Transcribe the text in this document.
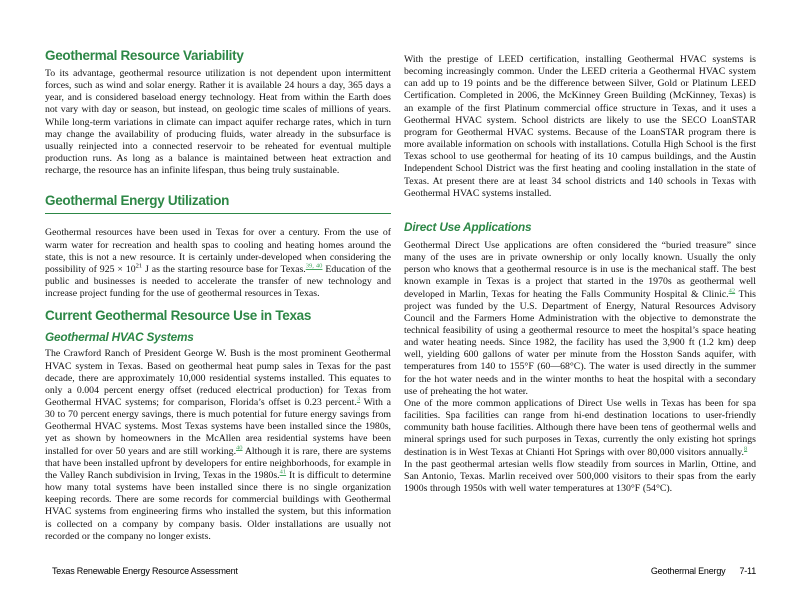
Geothermal Resource Variability

To its advantage, geothermal resource utilization is not dependent upon intermittent forces, such as wind and solar energy. Rather it is available 24 hours a day, 365 days a year, and is considered baseload energy technology. Heat from within the Earth does not vary with day or season, but instead, on geologic time scales of millions of years. While long-term variations in climate can impact aquifer recharge rates, which in turn may change the availability of producing fluids, water already in the subsurface is usually reinjected into a connected reservoir to be reheated for eventual multiple production runs. As long as a balance is maintained between heat extraction and recharge, the resource has an infinite lifespan, thus being truly sustainable.

Geothermal Energy Utilization

Geothermal resources have been used in Texas for over a century. From the use of warm water for recreation and health spas to cooling and heating homes around the state, this is not a new resource. It is certainly under-developed when considering the possibility of $925 \times 10^{21}$ J as the starting resource base for Texas.$^{39, 40}$ Education of the public and businesses is needed to accelerate the transfer of new technology and increase project funding for the use of geothermal resources in Texas.

Current Geothermal Resource Use in Texas
Geothermal HVAC Systems

The Crawford Ranch of President George W. Bush is the most prominent Geothermal HVAC system in Texas. Based on geothermal heat pump sales in Texas for the past decade, there are approximately 10,000 residential systems installed. This equates to only a 0.004 percent energy offset (reduced electrical production) for Texas from Geothermal HVAC systems; for comparison, Florida’s offset is 0.23 percent.$^3$ With a 30 to 70 percent energy savings, there is much potential for future energy savings from Geothermal HVAC systems. Most Texas systems have been installed since the 1980s, yet as shown by homeowners in the McAllen area residential systems have been installed for over 50 years and are still working.$^{40}$ Although it is rare, there are systems that have been installed upfront by developers for entire neighborhoods, for example in the Valley Ranch subdivision in Irving, Texas in the 1980s.$^{41}$ It is difficult to determine how many total systems have been installed since there is no single organization keeping records. There are some records for commercial buildings with Geothermal HVAC systems from engineering firms who installed the system, but this information is collected on a company by company basis. Older installations are usually not recorded or the company no longer exists.

With the prestige of LEED certification, installing Geothermal HVAC systems is becoming increasingly common. Under the LEED criteria a Geothermal HVAC system can add up to 19 points and be the difference between Silver, Gold or Platinum LEED Certification. Completed in 2006, the McKinney Green Building (McKinney, Texas) is an example of the first Platinum commercial office structure in Texas, and it uses a Geothermal HVAC system. School districts are likely to use the SECO LoanSTAR program for Geothermal HVAC systems. Because of the LoanSTAR program there is more available information on schools with installations. Cotulla High School is the first Texas school to use geothermal for heating of its 10 campus buildings, and the Austin Independent School District was the first heating and cooling installation in the state of Texas. At present there are at least 34 school districts and 140 schools in Texas with Geothermal HVAC systems installed.

Direct Use Applications

Geothermal Direct Use applications are often considered the “buried treasure” since many of the uses are in private ownership or only locally known. Usually the only person who knows that a geothermal resource is in use is the mechanical staff. The best known example in Texas is a project that started in the 1970s as geothermal well developed in Marlin, Texas for heating the Falls Community Hospital & Clinic.$^{42}$ This project was funded by the U.S. Department of Energy, Natural Resources Advisory Council and the Farmers Home Administration with the objective to demonstrate the technical feasibility of using a geothermal resource to meet the hospital’s space heating and water heating needs. Since 1982, the facility has used the 3,900 ft (1.2 km) deep well, yielding 600 gallons of water per minute from the Hosston Sands aquifer, with temperatures from 140 to 155°F (60—68°C). The water is used directly in the summer for the hot water needs and in the winter months to heat the hospital with a secondary use of preheating the hot water.

One of the more common applications of Direct Use wells in Texas has been for spa facilities. Spa facilities can range from hi-end destination locations to user-friendly community bath house facilities. Although there have been tens of geothermal wells and mineral springs used for such purposes in Texas, currently the only existing hot springs destination is in West Texas at Chianti Hot Springs with over 80,000 visitors annually.$^8$

In the past geothermal artesian wells flow steadily from sources in Marlin, Ottine, and San Antonio, Texas. Marlin received over 500,000 visitors to their spas from the early 1900s through 1950s with well water temperatures at 130°F (54°C).

Texas Renewable Energy Resource Assessment	Geothermal Energy 7-11
